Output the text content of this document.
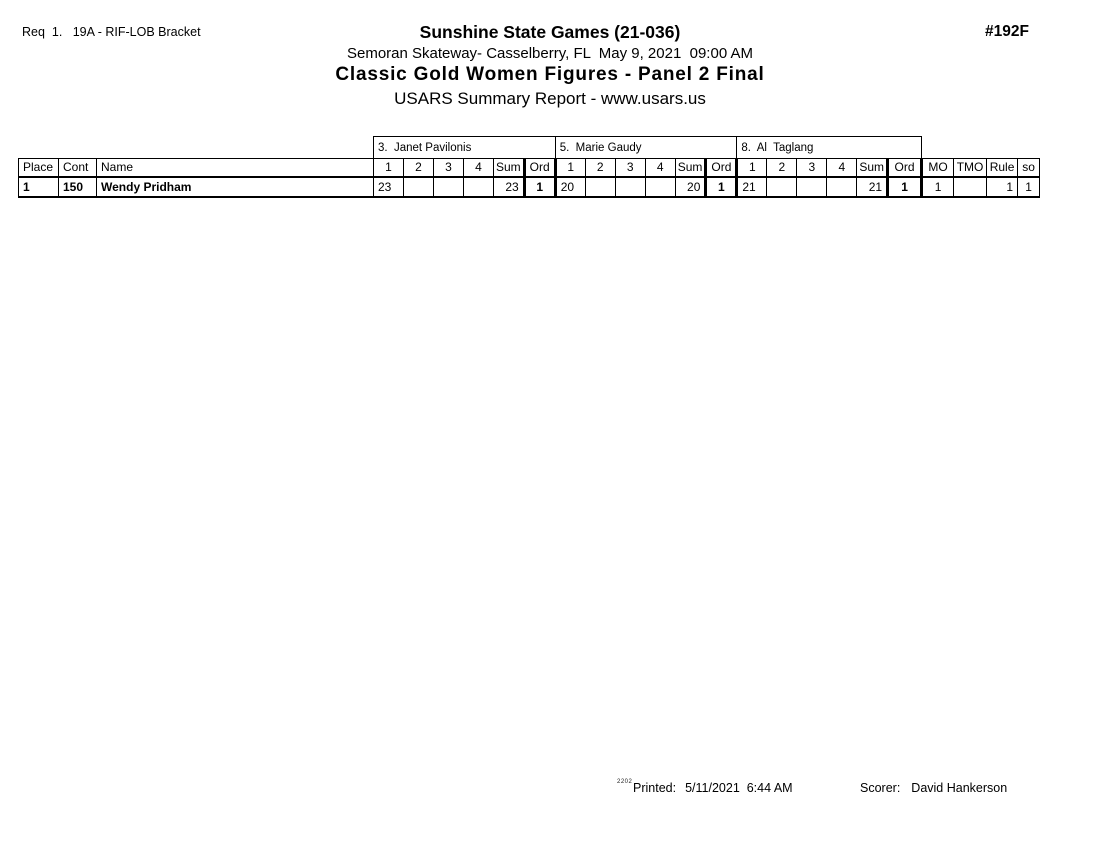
Req  1.   19A - RIF-LOB Bracket	#192F
Sunshine State Games (21-036)
Semoran Skateway- Casselberry, FL  May 9, 2021  09:00 AM
Classic Gold Women Figures - Panel 2 Final
USARS Summary Report - www.usars.us
			3.  Janet Pavilonis						5.  Marie Gaudy						8.  Al  Taglang									
Place	Cont	Name	1	2	3	4	Sum	Ord	1	2	3	4	Sum	Ord	1	2	3	4	Sum	Ord	MO	TMO	Rule	so
1	150	Wendy Pridham	23				23	1	20				20	1	21				21	1	1		1	1
2202 Printed: 5/11/2021  6:44 AM	Scorer: David Hankerson
